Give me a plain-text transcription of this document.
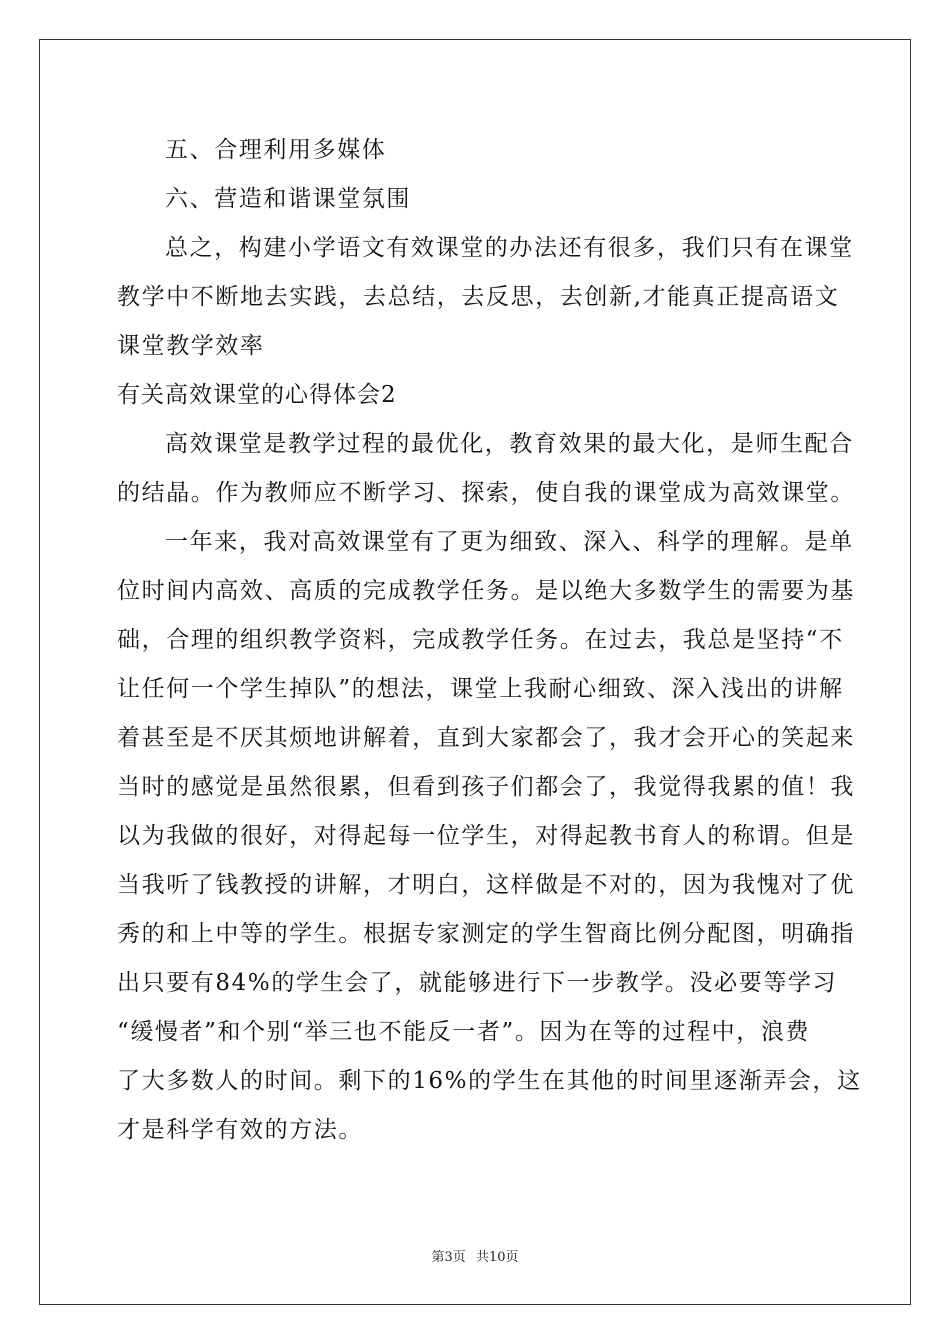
五、合理利用多媒体
六、营造和谐课堂氛围
总之，构建小学语文有效课堂的办法还有很多，我们只有在课堂
教学中不断地去实践，去总结，去反思，去创新,才能真正提高语文
课堂教学效率
有关高效课堂的心得体会2
高效课堂是教学过程的最优化，教育效果的最大化，是师生配合
的结晶。作为教师应不断学习、探索，使自我的课堂成为高效课堂。
一年来，我对高效课堂有了更为细致、深入、科学的理解。是单
位时间内高效、高质的完成教学任务。是以绝大多数学生的需要为基
础，合理的组织教学资料，完成教学任务。在过去，我总是坚持“不
让任何一个学生掉队”的想法，课堂上我耐心细致、深入浅出的讲解
着甚至是不厌其烦地讲解着，直到大家都会了，我才会开心的笑起来
当时的感觉是虽然很累，但看到孩子们都会了，我觉得我累的值！我
以为我做的很好，对得起每一位学生，对得起教书育人的称谓。但是
当我听了钱教授的讲解，才明白，这样做是不对的，因为我愧对了优
秀的和上中等的学生。根据专家测定的学生智商比例分配图，明确指
出只要有84%的学生会了，就能够进行下一步教学。没必要等学习
“缓慢者”和个别“举三也不能反一者”。因为在等的过程中，浪费
了大多数人的时间。剩下的16%的学生在其他的时间里逐渐弄会，这
才是科学有效的方法。
第3页 共10页
